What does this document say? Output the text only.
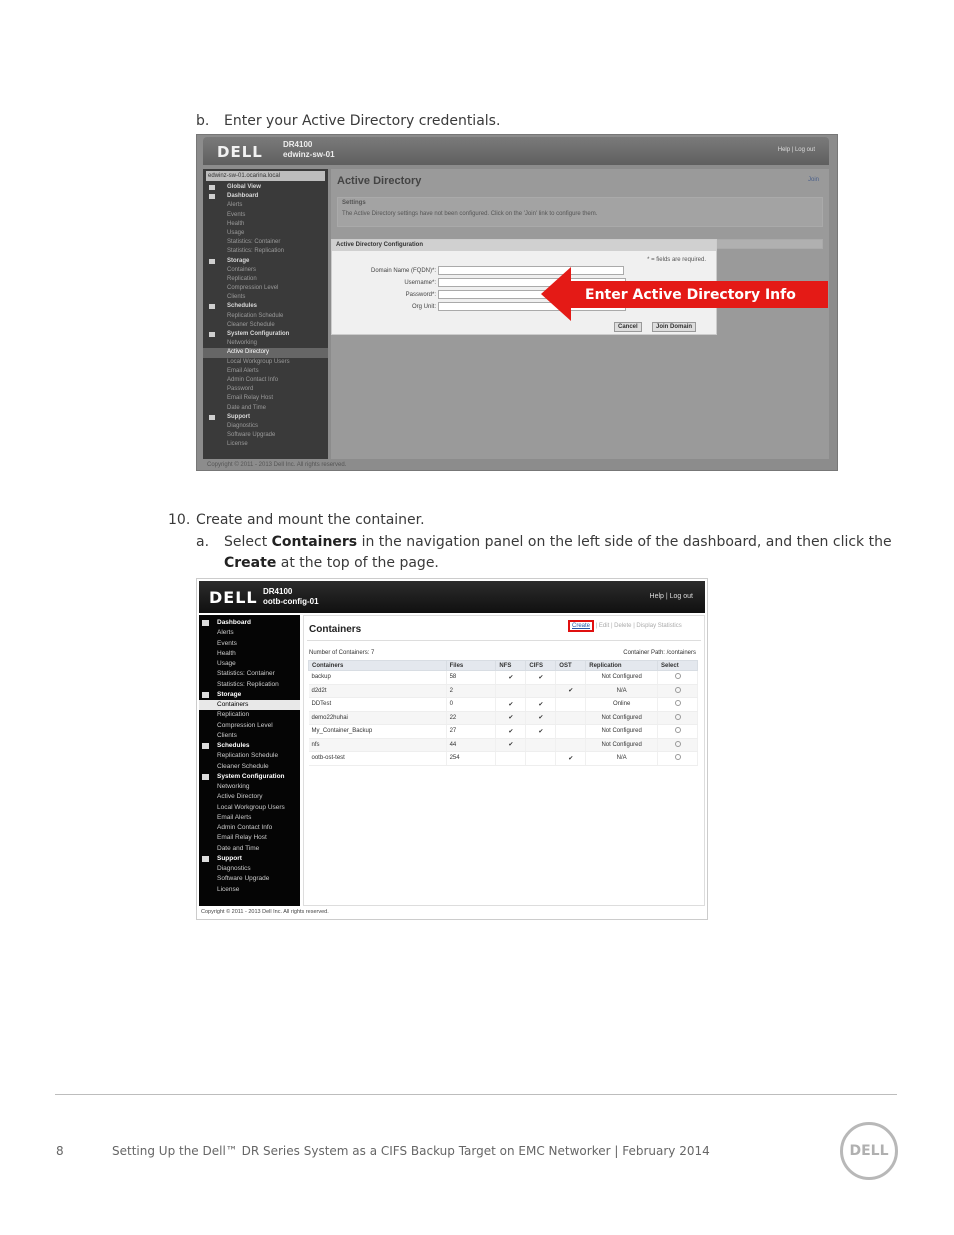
b. Enter your Active Directory credentials.
DELL	DR4100
edwinz-sw-01	Help | Log out
edwinz-sw-01.ocarina.local
Global View
Dashboard
Alerts
Events
Health
Usage
Statistics: Container
Statistics: Replication
Storage
Containers
Replication
Compression Level
Clients
Schedules
Replication Schedule
Cleaner Schedule
System Configuration
Networking
Active Directory
Local Workgroup Users
Email Alerts
Admin Contact Info
Password
Email Relay Host
Date and Time
Support
Diagnostics
Software Upgrade
License
Active Directory	Join
Settings
The Active Directory settings have not been configured. Click on the 'Join' link to configure them.
Active Directory Configuration
* = fields are required.
Domain Name (FQDN)*:
Username*:
Password*:
Org Unit:
Cancel	Join Domain
Enter Active Directory Info
Copyright © 2011 - 2013 Dell Inc. All rights reserved.
10. Create and mount the container.
a. Select Containers in the navigation panel on the left side of the dashboard, and then click the
Create at the top of the page.
DELL DR4100
ootb-config-01
Help | Log out
Dashboard
Alerts
Events
Health
Usage
Statistics: Container
Statistics: Replication
Storage
Containers
Replication
Compression Level
Clients
Schedules
Replication Schedule
Cleaner Schedule
System Configuration
Networking
Active Directory
Local Workgroup Users
Email Alerts
Admin Contact Info
Email Relay Host
Date and Time
Support
Diagnostics
Software Upgrade
License
Containers	Create | Edit | Delete | Display Statistics
Number of Containers: 7	Container Path: /containers
Containers	Files	NFS	CIFS	OST	Replication	Select
backup	58	✔	✔		Not Configured	
d2d2t	2			✔	N/A	
DDTest	0	✔	✔		Online	
demo22huhai	22	✔	✔		Not Configured	
My_Container_Backup	27	✔	✔		Not Configured	
nfs	44	✔			Not Configured	
ootb-ost-test	254			✔	N/A	
Copyright © 2011 - 2013 Dell Inc. All rights reserved.
8	Setting Up the Dell™ DR Series System as a CIFS Backup Target on EMC Networker | February 2014	DELL
